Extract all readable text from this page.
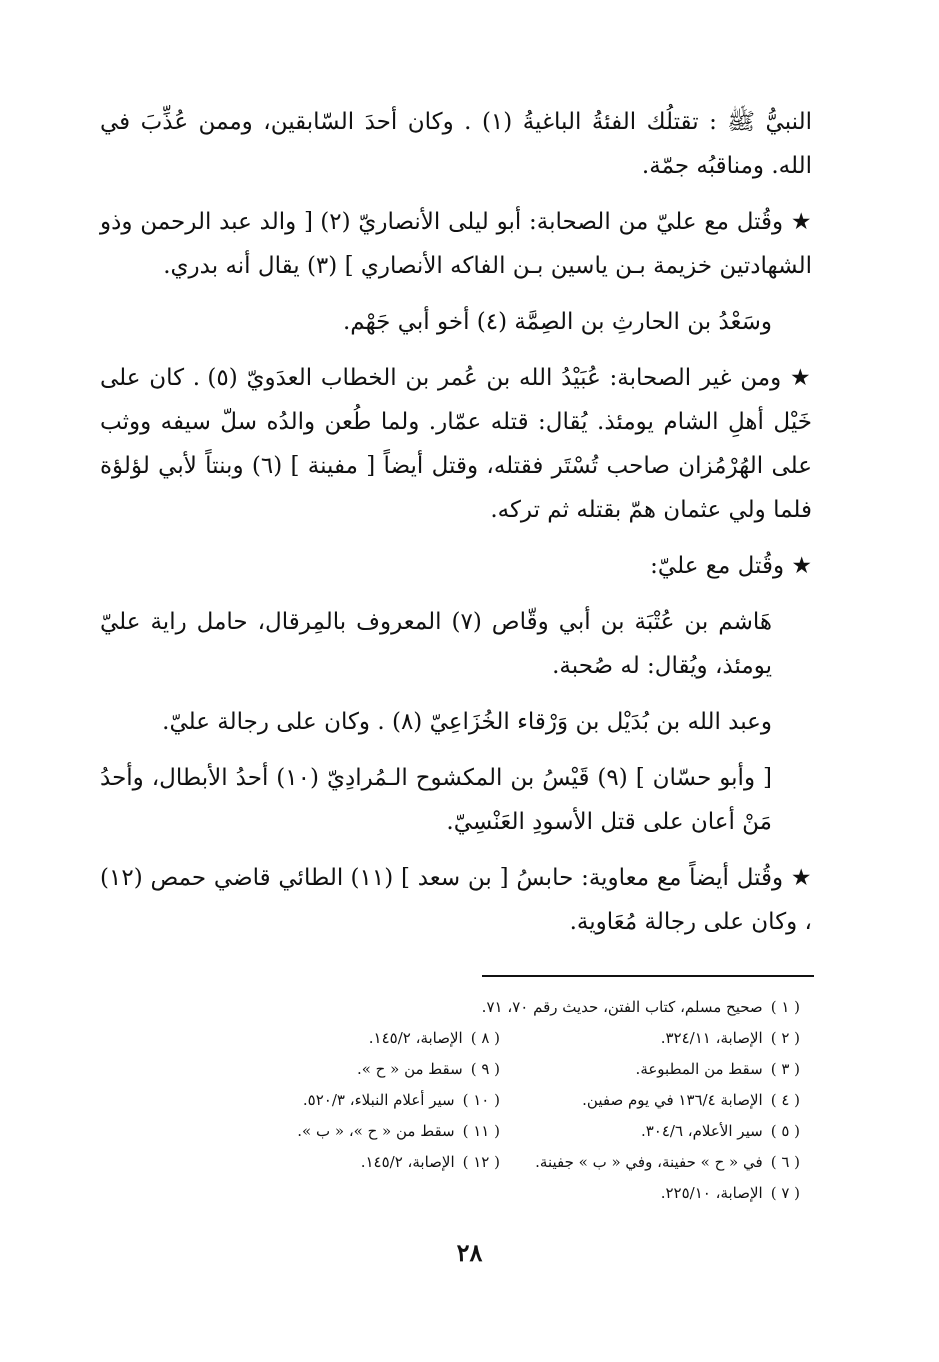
النبيُّ ﷺ : تقتلُك الفئةُ الباغيةُ (١) . وكان أحدَ السّابقين، وممن عُذِّبَ في الله. ومناقبُه جمّة.

★ وقُتل مع عليّ من الصحابة: أبو ليلى الأنصاريّ (٢) [ والد عبد الرحمن وذو الشهادتين خزيمة بـن ياسين بـن الفاكه الأنصاري ] (٣) يقال أنه بدري.

وسَعْدُ بن الحارثِ بن الصِمَّة (٤) أخو أبي جَهْم.

★ ومن غير الصحابة: عُبَيْدُ الله بن عُمر بن الخطاب العدَويّ (٥) . كان على خَيْل أهلِ الشام يومئذ. يُقال: قتله عمّار. ولما طُعن والدُه سلّ سيفه ووثب على الهُرْمُزان صاحب تُسْتَر فقتله، وقتل أيضاً [ مفينة ] (٦) وبنتاً لأبي لؤلؤة فلما ولي عثمان همّ بقتله ثم تركه.

★ وقُتل مع عليّ:

هَاشم بن عُتْبَة بن أبي وقّاص (٧) المعروف بالمِرقال، حامل راية عليّ يومئذ، ويُقال: له صُحبة.

وعبد الله بن بُدَيْل بن وَرْقاء الخُزَاعِيّ (٨) . وكان على رجالة عليّ.

[ وأبو حسّان ] (٩) قَيْسُ بن المكشوح الـمُرادِيّ (١٠) أحدُ الأبطال، وأحدُ مَنْ أعان على قتل الأسودِ العَنْسِيّ.

★ وقُتل أيضاً مع معاوية: حابسُ [ بن سعد ] (١١) الطائي قاضي حمص (١٢) ، وكان على رجالة مُعَاوية.

( ١ )
صحيح مسلم، كتاب الفتن، حديث رقم ٧٠، ٧١.
( ٢ )
الإصابة، ٣٢٤/١١.
( ٨ )
الإصابة، ١٤٥/٢.
( ٣ )
سقط من المطبوعة.
( ٩ )
سقط من « ح ».
( ٤ )
الإصابة ١٣٦/٤ في يوم صفين.
( ١٠ )
سير أعلام النبلاء، ٥٢٠/٣.
( ٥ )
سير الأعلام، ٣٠٤/٦.
( ١١ )
سقط من « ح »، « ب ».
( ٦ )
في « ح » حفينة، وفي « ب » جفينة.
( ١٢ )
الإصابة، ١٤٥/٢.
( ٧ )
الإصابة، ٢٢٥/١٠.
٢٨
